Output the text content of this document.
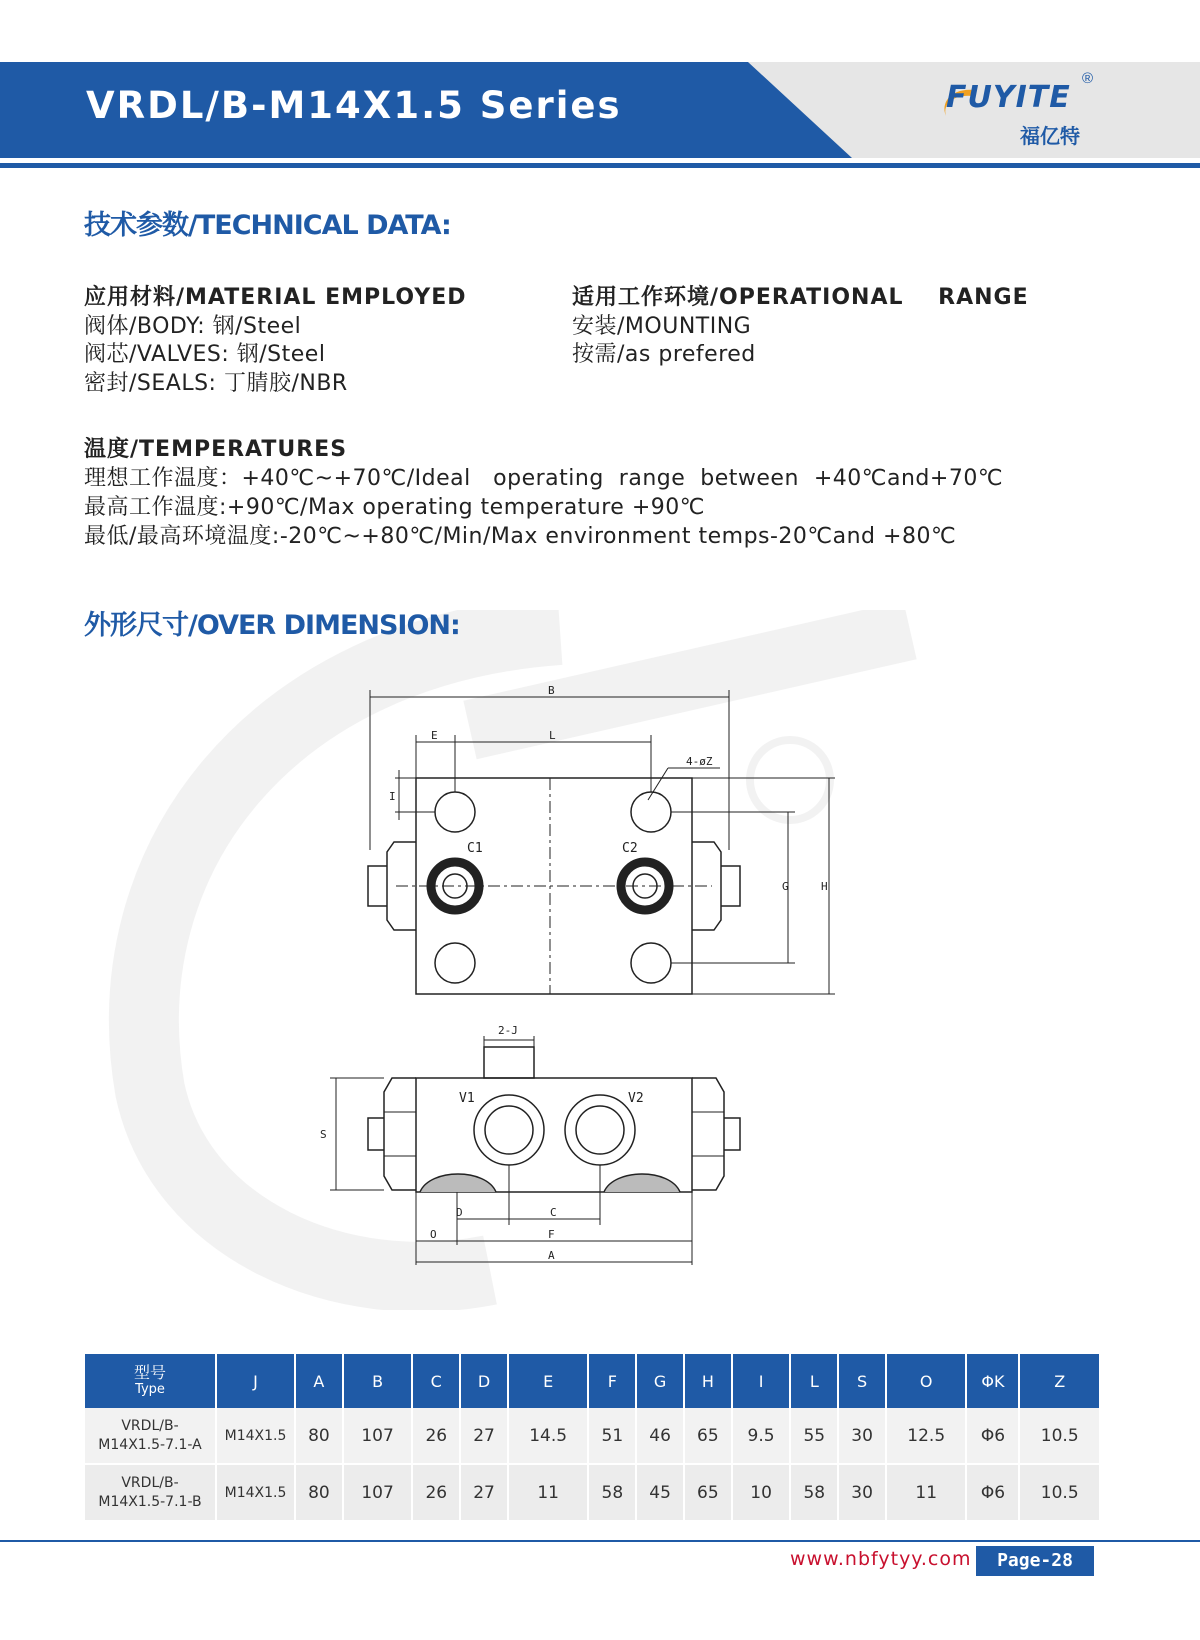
VRDL/B-M14X1.5 Series	FUYITE
®
福亿特
技术参数/TECHNICAL DATA:
应用材料/MATERIAL EMPLOYED
阀体/BODY: 钢/Steel
阀芯/VALVES: 钢/Steel
密封/SEALS: 丁腈胶/NBR
适用工作环境/OPERATIONAL    RANGE
安装/MOUNTING
按需/as prefered
温度/TEMPERATURES
理想工作温度：+40℃~+70℃/Ideal   operating  range  between  +40℃and+70℃
最高工作温度:+90℃/Max operating temperature +90℃
最低/最高环境温度:-20℃~+80℃/Min/Max environment temps-20℃and +80℃
外形尺寸/OVER DIMENSION:
B
E	L
4-øZ
I
C1	C2
G	H
2-J
V1	V2
S
D	C
O	F
A
型号
Type	J	A	B	C	D	E	F	G	H	I	L	S	O	ΦK	Z
VRDL/B-
M14X1.5-7.1-A	M14X1.5	80	107	26	27	14.5	51	46	65	9.5	55	30	12.5	Φ6	10.5
VRDL/B-
M14X1.5-7.1-B	M14X1.5	80	107	26	27	11	58	45	65	10	58	30	11	Φ6	10.5
www.nbfytyy.com	Page-28
